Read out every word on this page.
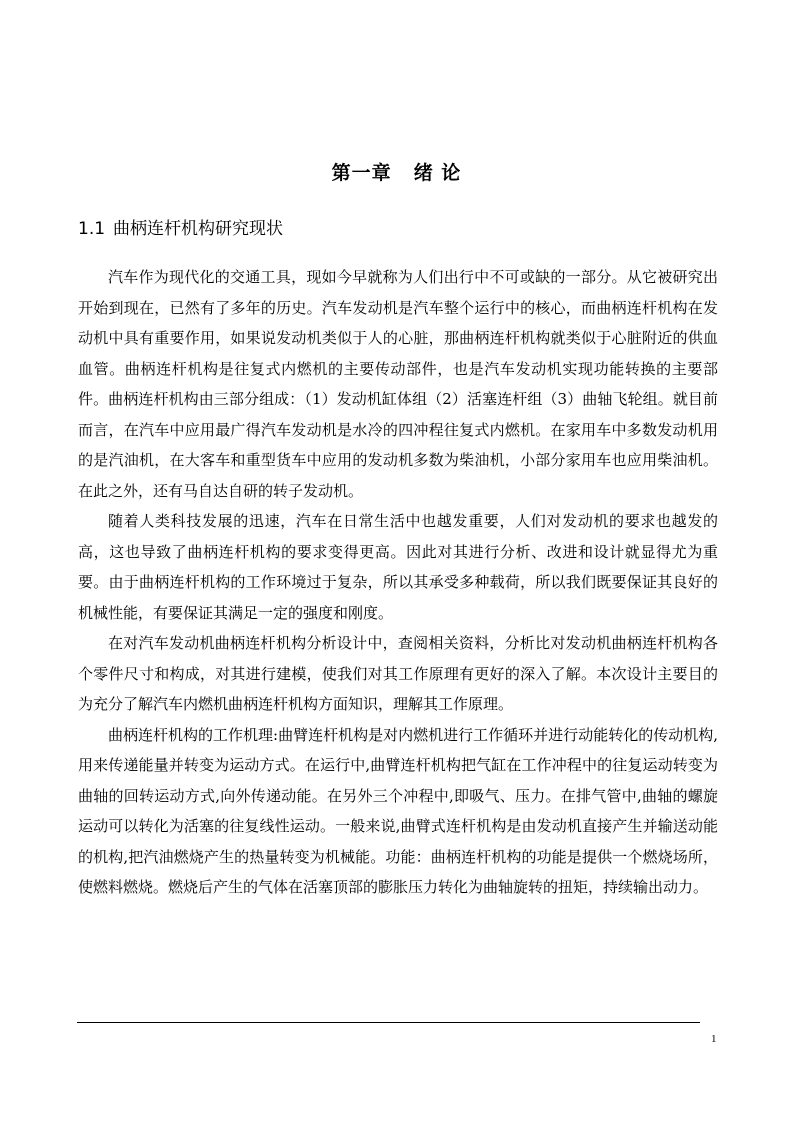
第一章 绪 论
1.1 曲柄连杆机构研究现状

汽车作为现代化的交通工具，现如今早就称为人们出行中不可或缺的一部分。从它被研究出开始到现在，已然有了多年的历史。汽车发动机是汽车整个运行中的核心，而曲柄连杆机构在发动机中具有重要作用，如果说发动机类似于人的心脏，那曲柄连杆机构就类似于心脏附近的供血血管。曲柄连杆机构是往复式内燃机的主要传动部件，也是汽车发动机实现功能转换的主要部件。曲柄连杆机构由三部分组成：（1）发动机缸体组（2）活塞连杆组（3）曲轴飞轮组。就目前而言，在汽车中应用最广得汽车发动机是水冷的四冲程往复式内燃机。在家用车中多数发动机用的是汽油机，在大客车和重型货车中应用的发动机多数为柴油机，小部分家用车也应用柴油机。在此之外，还有马自达自研的转子发动机。

随着人类科技发展的迅速，汽车在日常生活中也越发重要，人们对发动机的要求也越发的高，这也导致了曲柄连杆机构的要求变得更高。因此对其进行分析、改进和设计就显得尤为重要。由于曲柄连杆机构的工作环境过于复杂，所以其承受多种载荷，所以我们既要保证其良好的机械性能，有要保证其满足一定的强度和刚度。

在对汽车发动机曲柄连杆机构分析设计中，查阅相关资料，分析比对发动机曲柄连杆机构各个零件尺寸和构成，对其进行建模，使我们对其工作原理有更好的深入了解。本次设计主要目的为充分了解汽车内燃机曲柄连杆机构方面知识，理解其工作原理。

曲柄连杆机构的工作机理:曲臂连杆机构是对内燃机进行工作循环并进行动能转化的传动机构,用来传递能量并转变为运动方式。在运行中,曲臂连杆机构把气缸在工作冲程中的往复运动转变为曲轴的回转运动方式,向外传递动能。在另外三个冲程中,即吸气、压力。在排气管中,曲轴的螺旋运动可以转化为活塞的往复线性运动。一般来说,曲臂式连杆机构是由发动机直接产生并输送动能的机构,把汽油燃烧产生的热量转变为机械能。功能：曲柄连杆机构的功能是提供一个燃烧场所，使燃料燃烧。燃烧后产生的气体在活塞顶部的膨胀压力转化为曲轴旋转的扭矩，持续输出动力。

1
